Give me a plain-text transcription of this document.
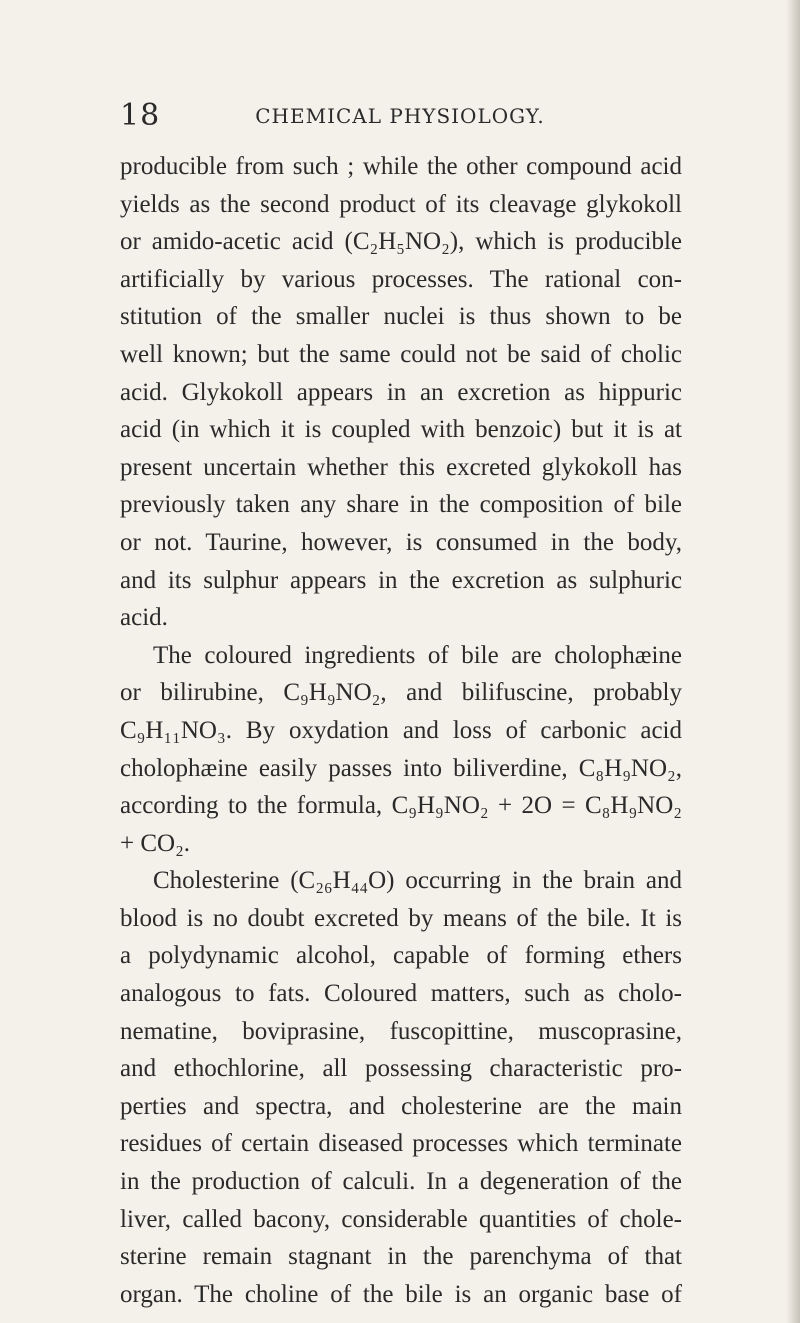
18	CHEMICAL PHYSIOLOGY.
producible from such ; while the other compound acid
yields as the second product of its cleavage glykokoll
or amido-acetic acid (C₂H₅NO₂), which is producible
artificially by various processes. The rational con-
stitution of the smaller nuclei is thus shown to be
well known; but the same could not be said of cholic
acid. Glykokoll appears in an excretion as hippuric
acid (in which it is coupled with benzoic) but it is at
present uncertain whether this excreted glykokoll has
previously taken any share in the composition of bile
or not. Taurine, however, is consumed in the body,
and its sulphur appears in the excretion as sulphuric
acid.
The coloured ingredients of bile are cholophæine
or bilirubine, C₉H₉NO₂, and bilifuscine, probably
C₉H₁₁NO₃. By oxydation and loss of carbonic acid
cholophæine easily passes into biliverdine, C₈H₉NO₂,
according to the formula, C₉H₉NO₂ + 2O = C₈H₉NO₂
+ CO₂.
Cholesterine (C₂₆H₄₄O) occurring in the brain and
blood is no doubt excreted by means of the bile. It is
a polydynamic alcohol, capable of forming ethers
analogous to fats. Coloured matters, such as cholo-
nematine, boviprasine, fuscopittine, muscoprasine,
and ethochlorine, all possessing characteristic pro-
perties and spectra, and cholesterine are the main
residues of certain diseased processes which terminate
in the production of calculi. In a degeneration of the
liver, called bacony, considerable quantities of chole-
sterine remain stagnant in the parenchyma of that
organ. The choline of the bile is an organic base of
